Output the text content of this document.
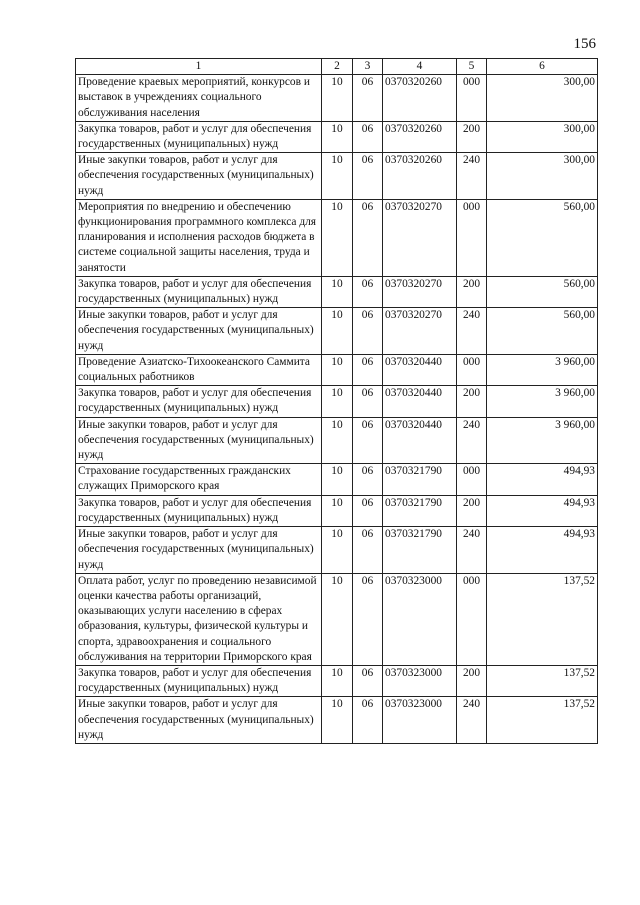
156
1	2	3	4	5	6
Проведение краевых мероприятий, конкурсов и выставок в учреждениях социального обслуживания населения	10	06	0370320260	000	300,00
Закупка товаров, работ и услуг для обеспечения государственных (муниципальных) нужд	10	06	0370320260	200	300,00
Иные закупки товаров, работ и услуг для обеспечения государственных (муниципальных) нужд	10	06	0370320260	240	300,00
Мероприятия по внедрению и обеспечению функционирования программного комплекса для планирования и исполнения расходов бюджета в системе социальной защиты населения, труда и занятости	10	06	0370320270	000	560,00
Закупка товаров, работ и услуг для обеспечения государственных (муниципальных) нужд	10	06	0370320270	200	560,00
Иные закупки товаров, работ и услуг для обеспечения государственных (муниципальных) нужд	10	06	0370320270	240	560,00
Проведение Азиатско-Тихоокеанского Саммита социальных работников	10	06	0370320440	000	3 960,00
Закупка товаров, работ и услуг для обеспечения государственных (муниципальных) нужд	10	06	0370320440	200	3 960,00
Иные закупки товаров, работ и услуг для обеспечения государственных (муниципальных) нужд	10	06	0370320440	240	3 960,00
Страхование государственных гражданских служащих Приморского края	10	06	0370321790	000	494,93
Закупка товаров, работ и услуг для обеспечения государственных (муниципальных) нужд	10	06	0370321790	200	494,93
Иные закупки товаров, работ и услуг для обеспечения государственных (муниципальных) нужд	10	06	0370321790	240	494,93
Оплата работ, услуг по проведению независимой оценки качества работы организаций, оказывающих услуги населению в сферах образования, культуры, физической культуры и спорта, здравоохранения и социального обслуживания на территории Приморского края	10	06	0370323000	000	137,52
Закупка товаров, работ и услуг для обеспечения государственных (муниципальных) нужд	10	06	0370323000	200	137,52
Иные закупки товаров, работ и услуг для обеспечения государственных (муниципальных) нужд	10	06	0370323000	240	137,52
